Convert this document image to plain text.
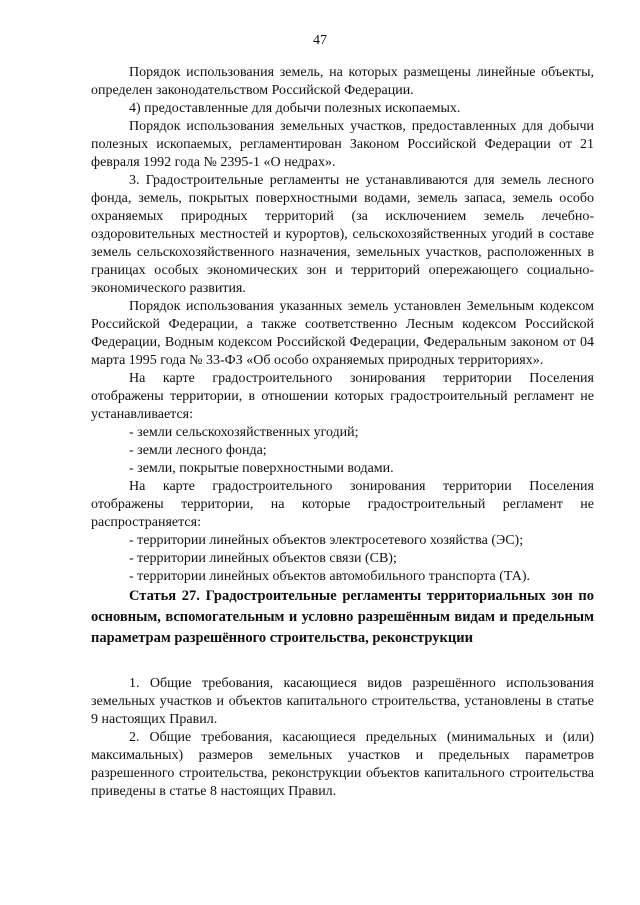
47

Порядок использования земель, на которых размещены линейные объекты, определен законодательством Российской Федерации.

4) предоставленные для добычи полезных ископаемых.

Порядок использования земельных участков, предоставленных для добычи полезных ископаемых, регламентирован Законом Российской Федерации от 21 февраля 1992 года № 2395-1 «О недрах».

3. Градостроительные регламенты не устанавливаются для земель лесного фонда, земель, покрытых поверхностными водами, земель запаса, земель особо охраняемых природных территорий (за исключением земель лечебно-оздоровительных местностей и курортов), сельскохозяйственных угодий в составе земель сельскохозяйственного назначения, земельных участков, расположенных в границах особых экономических зон и территорий опережающего социально-экономического развития.

Порядок использования указанных земель установлен Земельным кодексом Российской Федерации, а также соответственно Лесным кодексом Российской Федерации, Водным кодексом Российской Федерации, Федеральным законом от 04 марта 1995 года № 33-ФЗ «Об особо охраняемых природных территориях».

На карте градостроительного зонирования территории Поселения отображены территории, в отношении которых градостроительный регламент не устанавливается:

- земли сельскохозяйственных угодий;
- земли лесного фонда;
- земли, покрытые поверхностными водами.

На карте градостроительного зонирования территории Поселения отображены территории, на которые градостроительный регламент не распространяется:

- территории линейных объектов электросетевого хозяйства (ЭС);
- территории линейных объектов связи (СВ);
- территории линейных объектов автомобильного транспорта (ТА).

Статья 27. Градостроительные регламенты территориальных зон по основным, вспомогательным и условно разрешённым видам и предельным параметрам разрешённого строительства, реконструкции

1. Общие требования, касающиеся видов разрешённого использования земельных участков и объектов капитального строительства, установлены в статье 9 настоящих Правил.

2. Общие требования, касающиеся предельных (минимальных и (или) максимальных) размеров земельных участков и предельных параметров разрешенного строительства, реконструкции объектов капитального строительства приведены в статье 8 настоящих Правил.
